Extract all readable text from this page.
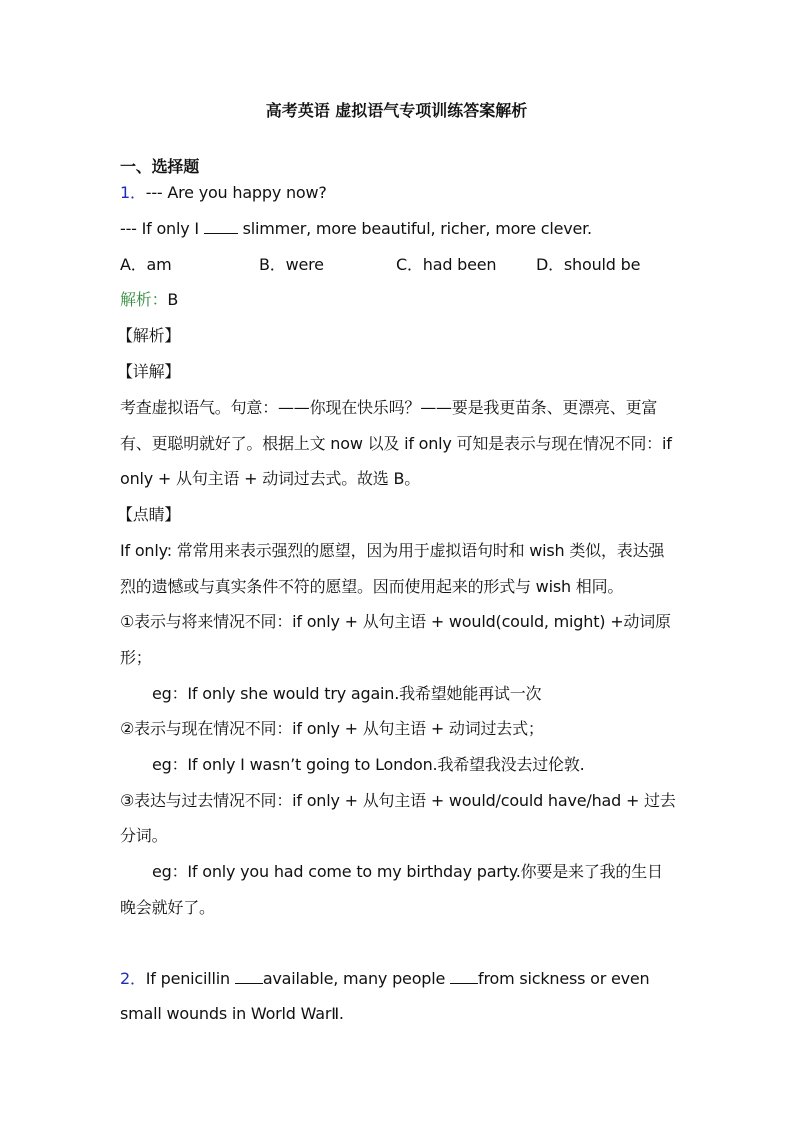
高考英语 虚拟语气专项训练答案解析
一、选择题
1．--- Are you happy now?
--- If only I  slimmer, more beautiful, richer, more clever.
A．am	B．were	C．had been D．should be
解析：B
【解析】
【详解】
考查虚拟语气。句意：——你现在快乐吗？——要是我更苗条、更漂亮、更富
有、更聪明就好了。根据上文 now 以及 if only 可知是表示与现在情况不同：if
only + 从句主语 + 动词过去式。故选 B。
【点睛】
If only: 常常用来表示强烈的愿望，因为用于虚拟语句时和 wish 类似，表达强
烈的遗憾或与真实条件不符的愿望。因而使用起来的形式与 wish 相同。
①表示与将来情况不同：if only + 从句主语 + would(could, might) +动词原
形；
eg：If only she would try again.我希望她能再试一次
②表示与现在情况不同：if only + 从句主语 + 动词过去式；
eg：If only I wasn’t going to London.我希望我没去过伦敦.
③表达与过去情况不同：if only + 从句主语 + would/could have/had + 过去
分词。
eg：If only you had come to my birthday party.你要是来了我的生日
晚会就好了。
2．If penicillin available, many people from sickness or even
small wounds in World WarⅡ.
